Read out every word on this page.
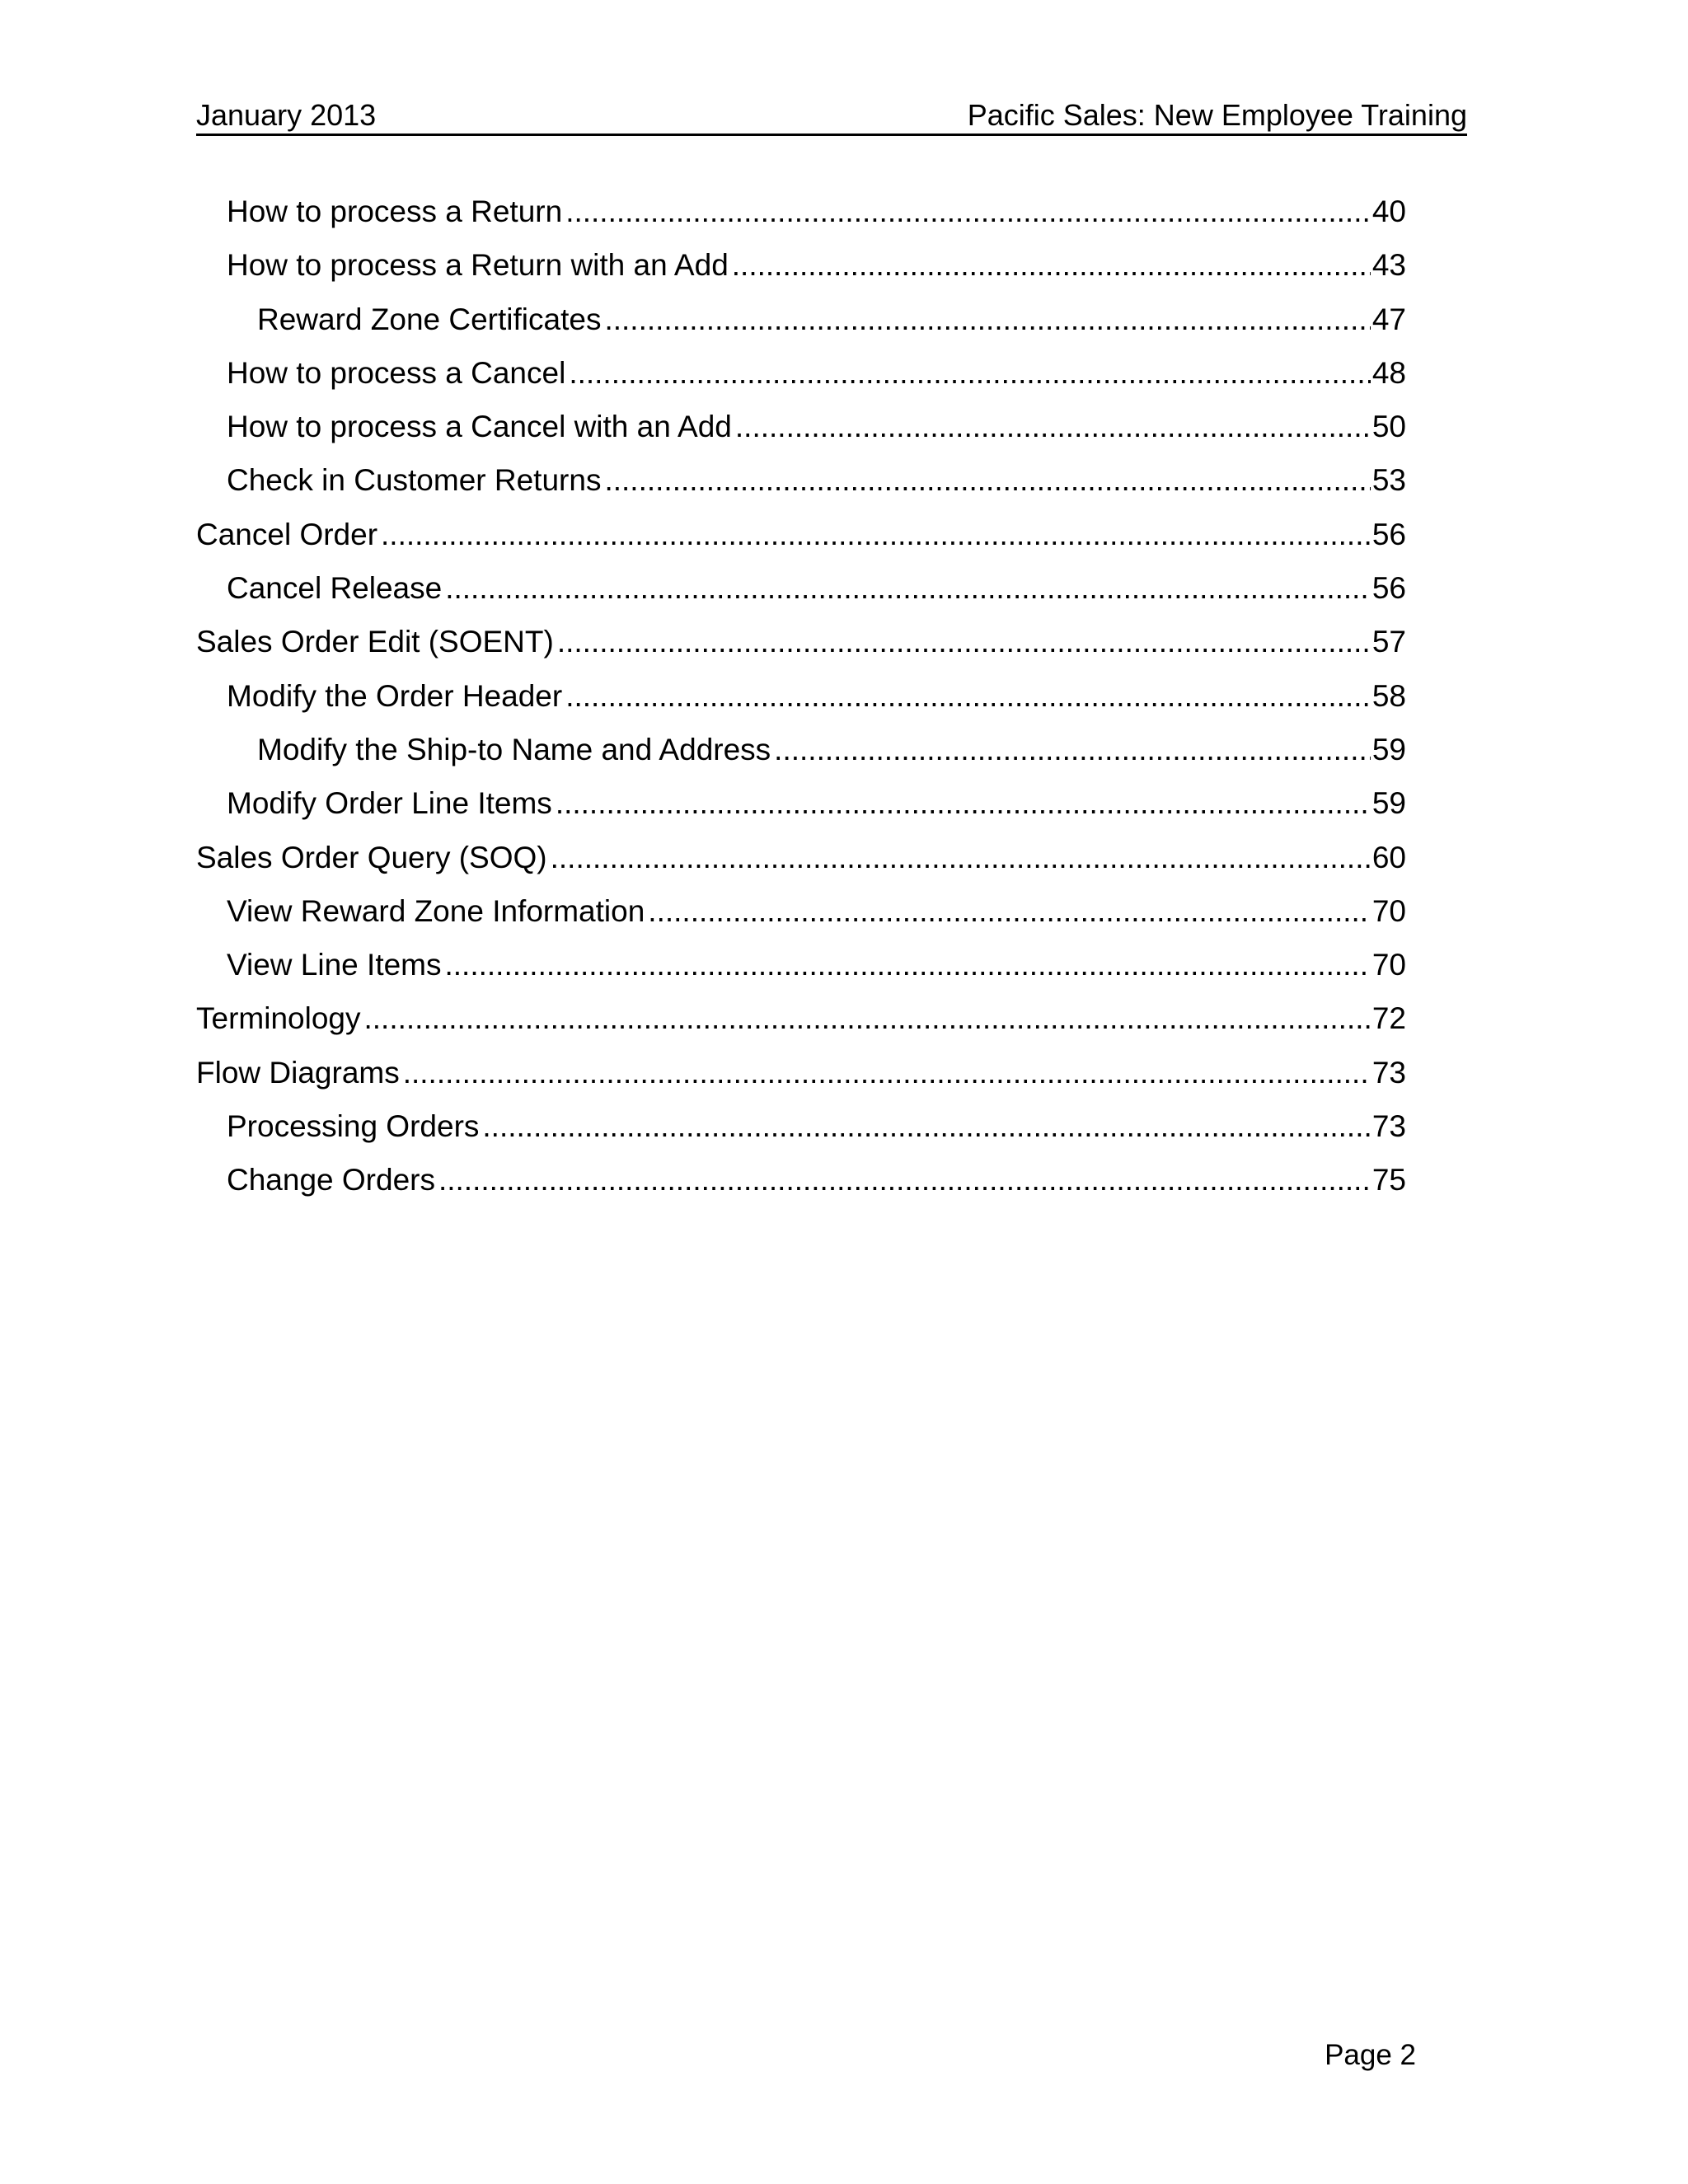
January 2013	Pacific Sales: New Employee Training
How to process a Return .....	40
How to process a Return with an Add .....	43
Reward Zone Certificates .....	47
How to process a Cancel .....	48
How to process a Cancel with an Add .....	50
Check in Customer Returns .....	53
Cancel Order .....	56
Cancel Release .....	56
Sales Order Edit (SOENT) .....	57
Modify the Order Header .....	58
Modify the Ship-to Name and Address .....	59
Modify Order Line Items .....	59
Sales Order Query (SOQ) .....	60
View Reward Zone Information .....	70
View Line Items .....	70
Terminology .....	72
Flow Diagrams .....	73
Processing Orders .....	73
Change Orders .....	75
Page 2
